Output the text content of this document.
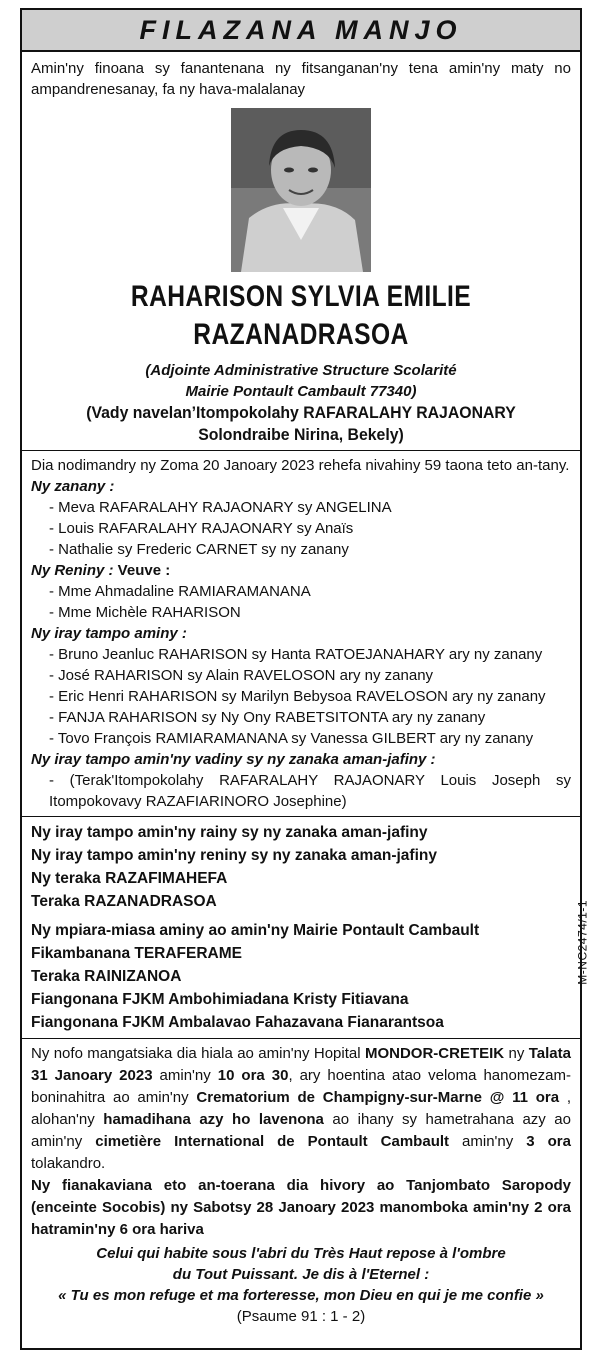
FILAZANA MANJO
Amin'ny finoana sy fanantenana ny fitsanganan'ny tena amin'ny maty no ampandrenesanay, fa ny hava-malalanay
RAHARISON SYLVIA EMILIE
RAZANADRASOA
(Adjointe Administrative Structure Scolarité
Mairie Pontault Cambault 77340)
(Vady navelan’Itompokolahy RAFARALAHY RAJAONARY
Solondraibe Nirina, Bekely)
Dia nodimandry ny Zoma 20 Janoary 2023 rehefa nivahiny 59 taona teto an-tany.
Ny zanany :
- Meva RAFARALAHY RAJAONARY sy ANGELINA
- Louis RAFARALAHY RAJAONARY sy Anaïs
- Nathalie sy Frederic CARNET sy ny zanany
Ny Reniny : Veuve :
- Mme Ahmadaline RAMIARAMANANA
- Mme Michèle RAHARISON
Ny iray tampo aminy :
- Bruno Jeanluc RAHARISON sy Hanta RATOEJANAHARY ary ny zanany
- José RAHARISON sy Alain RAVELOSON ary ny zanany
- Eric Henri RAHARISON sy Marilyn Bebysoa RAVELOSON ary ny zanany
- FANJA RAHARISON sy Ny Ony RABETSITONTA ary ny zanany
- Tovo François RAMIARAMANANA sy Vanessa GILBERT ary ny zanany
Ny iray tampo amin'ny vadiny sy ny zanaka aman-jafiny :
- (Terak'Itompokolahy RAFARALAHY RAJAONARY Louis Joseph sy Itompokovavy RAZAFIARINORO Josephine)
Ny iray tampo amin'ny rainy sy ny zanaka aman-jafiny
Ny iray tampo amin'ny reniny sy ny zanaka aman-jafiny
Ny teraka RAZAFIMAHEFA
Teraka RAZANADRASOA
Ny mpiara-miasa aminy ao amin'ny Mairie Pontault Cambault
Fikambanana TERAFERAME
Teraka RAINIZANOA
Fiangonana FJKM Ambohimiadana Kristy Fitiavana
Fiangonana FJKM Ambalavao Fahazavana Fianarantsoa
Ny nofo mangatsiaka dia hiala ao amin'ny Hopital MONDOR-CRETEIK ny Talata 31 Janoary 2023 amin'ny 10 ora 30, ary hoentina atao veloma hanomezam-boninahitra ao amin'ny Crematorium de Champigny-sur-Marne @ 11 ora , alohan'ny hamadihana azy ho lavenona ao ihany sy hametrahana azy ao amin'ny cimetière International de Pontault Cambault amin'ny 3 ora tolakandro.
Ny fianakaviana eto an-toerana dia hivory ao Tanjombato Saropody (enceinte Socobis) ny Sabotsy 28 Janoary 2023 manomboka amin'ny 2 ora hatramin'ny 6 ora hariva
Celui qui habite sous l'abri du Très Haut repose à l'ombre
du Tout Puissant. Je dis à l'Eternel :
« Tu es mon refuge et ma forteresse, mon Dieu en qui je me confie »
(Psaume 91 : 1 - 2)
M-NC2474/1-1
